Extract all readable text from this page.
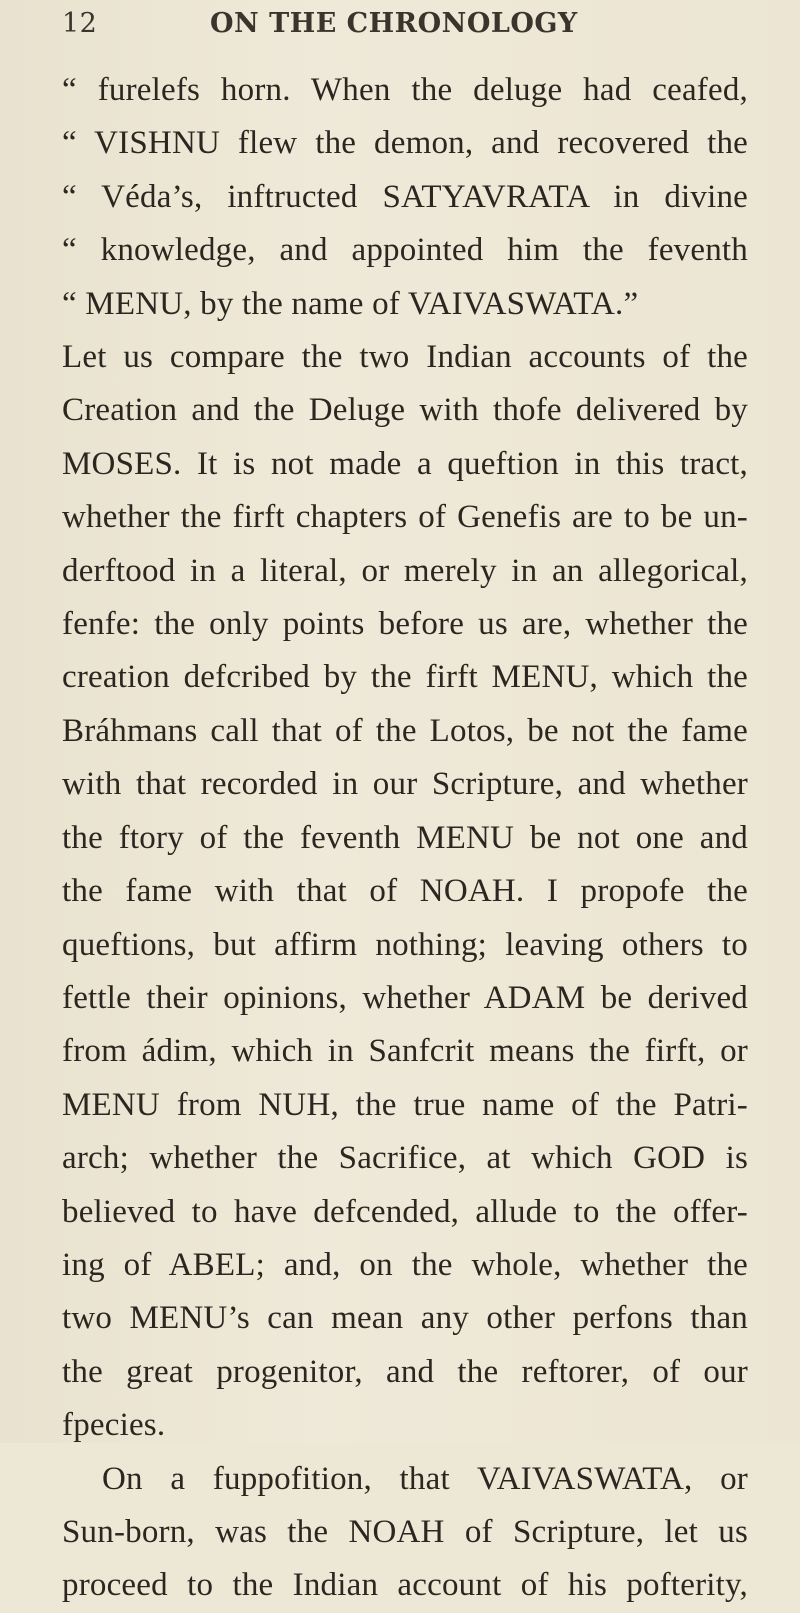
12	ON THE CHRONOLOGY
“ furelefs horn. When the deluge had ceafed,
“ VISHNU flew the demon, and recovered the
“ Véda’s, inftructed SATYAVRATA in divine
“ knowledge, and appointed him the feventh
“ MENU, by the name of VAIVASWATA.”
Let us compare the two Indian accounts of the
Creation and the Deluge with thofe delivered by
MOSES. It is not made a queftion in this tract,
whether the firft chapters of Genefis are to be un-
derftood in a literal, or merely in an allegorical,
fenfe: the only points before us are, whether the
creation defcribed by the firft MENU, which the
Bráhmans call that of the Lotos, be not the fame
with that recorded in our Scripture, and whether
the ftory of the feventh MENU be not one and
the fame with that of NOAH. I propofe the
queftions, but affirm nothing; leaving others to
fettle their opinions, whether ADAM be derived
from ádim, which in Sanfcrit means the firft, or
MENU from NUH, the true name of the Patri-
arch; whether the Sacrifice, at which GOD is
believed to have defcended, allude to the offer-
ing of ABEL; and, on the whole, whether the
two MENU’s can mean any other perfons than
the great progenitor, and the reftorer, of our
fpecies.
On a fuppofition, that VAIVASWATA, or
Sun-born, was the NOAH of Scripture, let us
proceed to the Indian account of his pofterity,
